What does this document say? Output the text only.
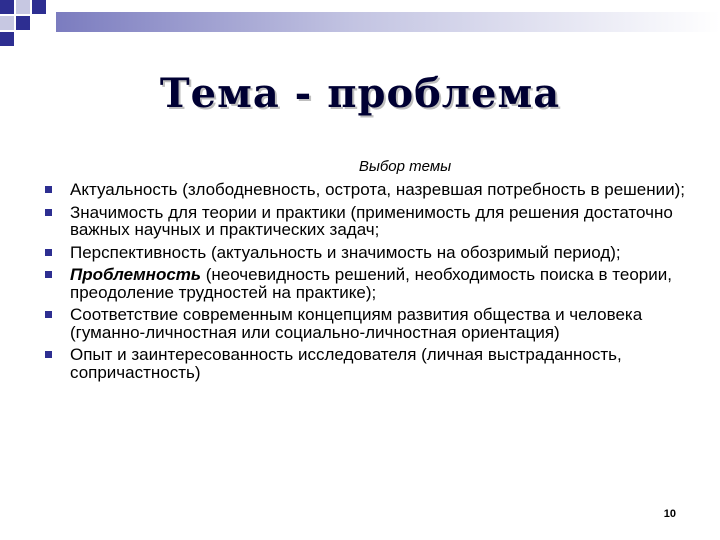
Тема - проблема
Выбор темы
Актуальность (злободневность, острота, назревшая потребность в решении);
Значимость для теории и практики (применимость для решения достаточно важных научных и практических задач;
Перспективность (актуальность и значимость на обозримый период);
Проблемность (неочевидность решений, необходимость поиска в теории, преодоление трудностей на практике);
Соответствие современным концепциям развития общества и человека (гуманно-личностная или социально-личностная ориентация)
Опыт и заинтересованность исследователя (личная выстраданность, сопричастность)
10
